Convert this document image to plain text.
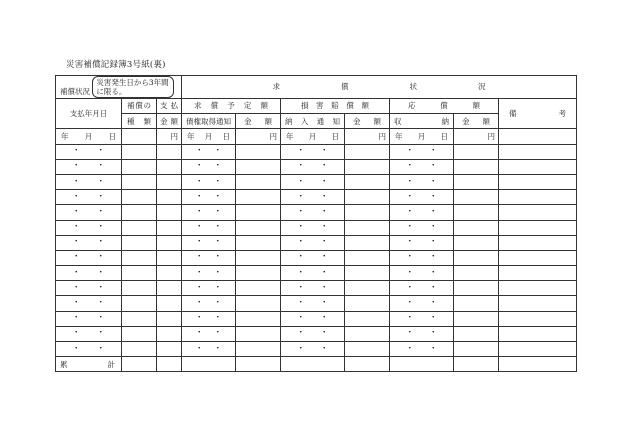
災害補償記録簿3号紙(裏)
補償状況 災害発生日から3年間に限る。			求 償 状 況						

支払年月日	補 償 の	支 払	求 償 予 定 額		損 害 賠 償 額		応 償 額		備 考

	種 類	金 額	債権取得通知	金 額	納 入 通 知	金 額	収 納	金 額	

年 月 日		円	年 月 日	円	年 月 日	円	年 月 日	円	

・ ・			・ ・		・ ・		・ ・		

・ ・			・ ・		・ ・		・ ・		

・ ・			・ ・		・ ・		・ ・		

・ ・			・ ・		・ ・		・ ・		

・ ・			・ ・		・ ・		・ ・		

・ ・			・ ・		・ ・		・ ・		

・ ・			・ ・		・ ・		・ ・		

・ ・			・ ・		・ ・		・ ・		

・ ・			・ ・		・ ・		・ ・		

・ ・			・ ・		・ ・		・ ・		

・ ・			・ ・		・ ・		・ ・		

・ ・			・ ・		・ ・		・ ・		

・ ・			・ ・		・ ・		・ ・		

・ ・			・ ・		・ ・		・ ・		

累 計									
